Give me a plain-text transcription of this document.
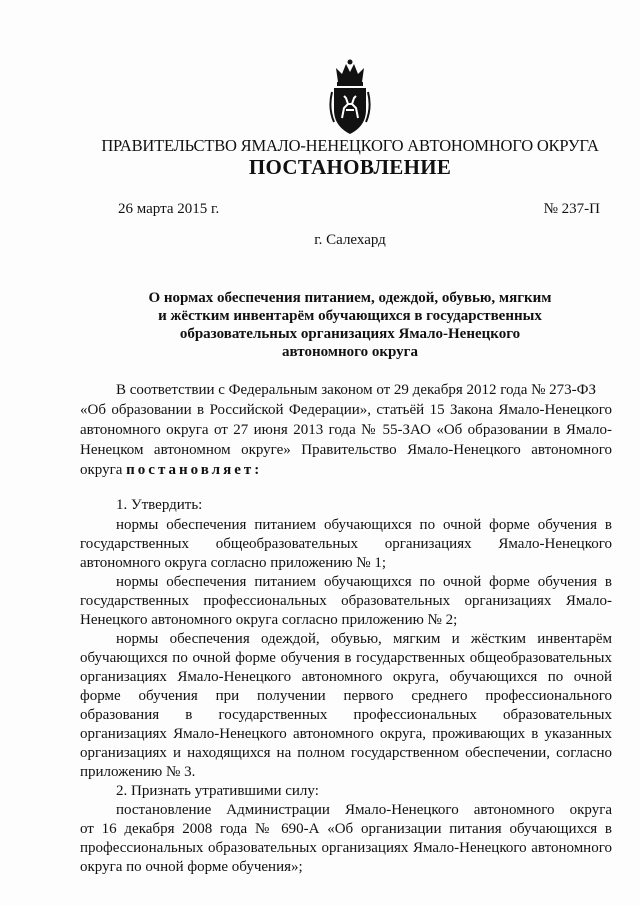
ПРАВИТЕЛЬСТВО ЯМАЛО-НЕНЕЦКОГО АВТОНОМНОГО ОКРУГА
ПОСТАНОВЛЕНИЕ
26 марта 2015 г.	№ 237-П
г. Салехард
О нормах обеспечения питанием, одеждой, обувью, мягким
и жёстким инвентарём обучающихся в государственных
образовательных организациях Ямало-Ненецкого
автономного округа
В соответствии с Федеральным законом от 29 декабря 2012 года № 273-ФЗ
«Об образовании в Российской Федерации», статьёй 15 Закона Ямало-Ненецкого
автономного округа от 27 июня 2013 года № 55-ЗАО «Об образовании в Ямало-
Ненецком автономном округе» Правительство Ямало-Ненецкого автономного
округа постановляет:
1. Утвердить:
нормы обеспечения питанием обучающихся по очной форме обучения в
государственных общеобразовательных организациях Ямало-Ненецкого
автономного округа согласно приложению № 1;
нормы обеспечения питанием обучающихся по очной форме обучения в
государственных профессиональных образовательных организациях Ямало-
Ненецкого автономного округа согласно приложению № 2;
нормы обеспечения одеждой, обувью, мягким и жёстким инвентарём
обучающихся по очной форме обучения в государственных общеобразовательных
организациях Ямало-Ненецкого автономного округа, обучающихся по очной
форме обучения при получении первого среднего профессионального
образования в государственных профессиональных образовательных
организациях Ямало-Ненецкого автономного округа, проживающих в указанных
организациях и находящихся на полном государственном обеспечении, согласно
приложению № 3.
2. Признать утратившими силу:
постановление Администрации Ямало-Ненецкого автономного округа
от 16 декабря 2008 года № 690-А «Об организации питания обучающихся в
профессиональных образовательных организациях Ямало-Ненецкого автономного
округа по очной форме обучения»;
